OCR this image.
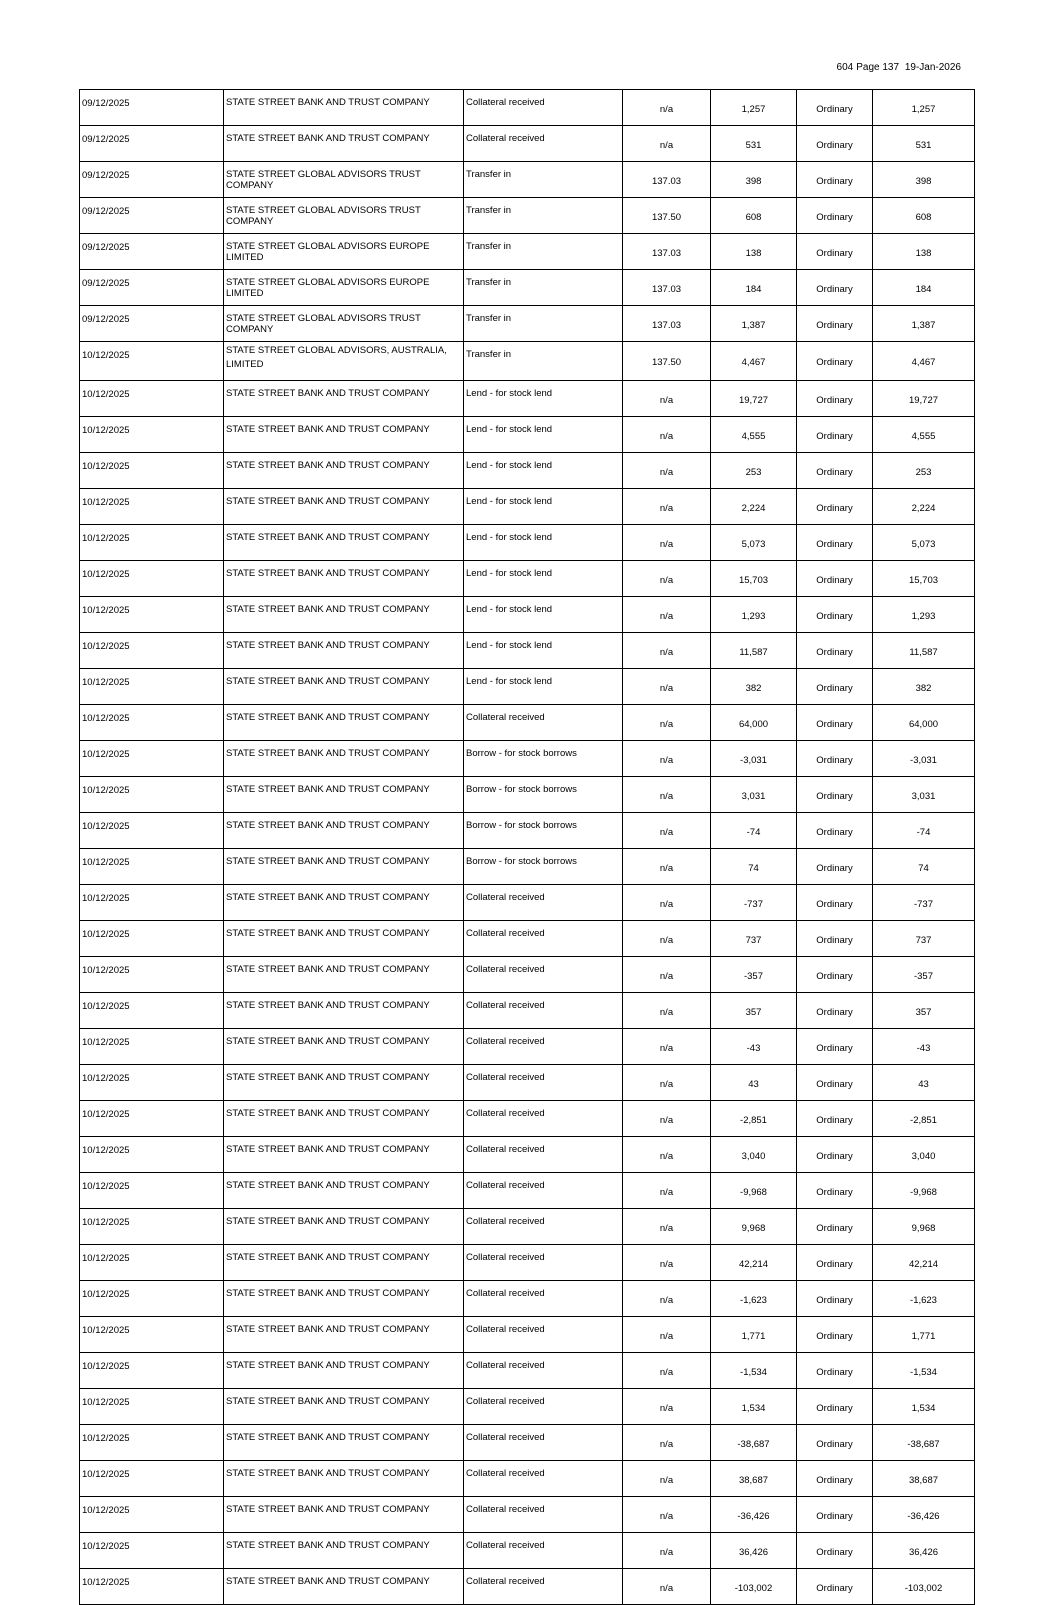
604 Page 137 19-Jan-2026
09/12/2025	STATE STREET BANK AND TRUST COMPANY	Collateral received	n/a	1,257	Ordinary	1,257
09/12/2025	STATE STREET BANK AND TRUST COMPANY	Collateral received	n/a	531	Ordinary	531
09/12/2025	STATE STREET GLOBAL ADVISORS TRUST COMPANY	Transfer in	137.03	398	Ordinary	398
09/12/2025	STATE STREET GLOBAL ADVISORS TRUST COMPANY	Transfer in	137.50	608	Ordinary	608
09/12/2025	STATE STREET GLOBAL ADVISORS EUROPE LIMITED	Transfer in	137.03	138	Ordinary	138
09/12/2025	STATE STREET GLOBAL ADVISORS EUROPE LIMITED	Transfer in	137.03	184	Ordinary	184
09/12/2025	STATE STREET GLOBAL ADVISORS TRUST COMPANY	Transfer in	137.03	1,387	Ordinary	1,387
10/12/2025	STATE STREET GLOBAL ADVISORS, AUSTRALIA, LIMITED	Transfer in	137.50	4,467	Ordinary	4,467
10/12/2025	STATE STREET BANK AND TRUST COMPANY	Lend - for stock lend	n/a	19,727	Ordinary	19,727
10/12/2025	STATE STREET BANK AND TRUST COMPANY	Lend - for stock lend	n/a	4,555	Ordinary	4,555
10/12/2025	STATE STREET BANK AND TRUST COMPANY	Lend - for stock lend	n/a	253	Ordinary	253
10/12/2025	STATE STREET BANK AND TRUST COMPANY	Lend - for stock lend	n/a	2,224	Ordinary	2,224
10/12/2025	STATE STREET BANK AND TRUST COMPANY	Lend - for stock lend	n/a	5,073	Ordinary	5,073
10/12/2025	STATE STREET BANK AND TRUST COMPANY	Lend - for stock lend	n/a	15,703	Ordinary	15,703
10/12/2025	STATE STREET BANK AND TRUST COMPANY	Lend - for stock lend	n/a	1,293	Ordinary	1,293
10/12/2025	STATE STREET BANK AND TRUST COMPANY	Lend - for stock lend	n/a	11,587	Ordinary	11,587
10/12/2025	STATE STREET BANK AND TRUST COMPANY	Lend - for stock lend	n/a	382	Ordinary	382
10/12/2025	STATE STREET BANK AND TRUST COMPANY	Collateral received	n/a	64,000	Ordinary	64,000
10/12/2025	STATE STREET BANK AND TRUST COMPANY	Borrow - for stock borrows	n/a	-3,031	Ordinary	-3,031
10/12/2025	STATE STREET BANK AND TRUST COMPANY	Borrow - for stock borrows	n/a	3,031	Ordinary	3,031
10/12/2025	STATE STREET BANK AND TRUST COMPANY	Borrow - for stock borrows	n/a	-74	Ordinary	-74
10/12/2025	STATE STREET BANK AND TRUST COMPANY	Borrow - for stock borrows	n/a	74	Ordinary	74
10/12/2025	STATE STREET BANK AND TRUST COMPANY	Collateral received	n/a	-737	Ordinary	-737
10/12/2025	STATE STREET BANK AND TRUST COMPANY	Collateral received	n/a	737	Ordinary	737
10/12/2025	STATE STREET BANK AND TRUST COMPANY	Collateral received	n/a	-357	Ordinary	-357
10/12/2025	STATE STREET BANK AND TRUST COMPANY	Collateral received	n/a	357	Ordinary	357
10/12/2025	STATE STREET BANK AND TRUST COMPANY	Collateral received	n/a	-43	Ordinary	-43
10/12/2025	STATE STREET BANK AND TRUST COMPANY	Collateral received	n/a	43	Ordinary	43
10/12/2025	STATE STREET BANK AND TRUST COMPANY	Collateral received	n/a	-2,851	Ordinary	-2,851
10/12/2025	STATE STREET BANK AND TRUST COMPANY	Collateral received	n/a	3,040	Ordinary	3,040
10/12/2025	STATE STREET BANK AND TRUST COMPANY	Collateral received	n/a	-9,968	Ordinary	-9,968
10/12/2025	STATE STREET BANK AND TRUST COMPANY	Collateral received	n/a	9,968	Ordinary	9,968
10/12/2025	STATE STREET BANK AND TRUST COMPANY	Collateral received	n/a	42,214	Ordinary	42,214
10/12/2025	STATE STREET BANK AND TRUST COMPANY	Collateral received	n/a	-1,623	Ordinary	-1,623
10/12/2025	STATE STREET BANK AND TRUST COMPANY	Collateral received	n/a	1,771	Ordinary	1,771
10/12/2025	STATE STREET BANK AND TRUST COMPANY	Collateral received	n/a	-1,534	Ordinary	-1,534
10/12/2025	STATE STREET BANK AND TRUST COMPANY	Collateral received	n/a	1,534	Ordinary	1,534
10/12/2025	STATE STREET BANK AND TRUST COMPANY	Collateral received	n/a	-38,687	Ordinary	-38,687
10/12/2025	STATE STREET BANK AND TRUST COMPANY	Collateral received	n/a	38,687	Ordinary	38,687
10/12/2025	STATE STREET BANK AND TRUST COMPANY	Collateral received	n/a	-36,426	Ordinary	-36,426
10/12/2025	STATE STREET BANK AND TRUST COMPANY	Collateral received	n/a	36,426	Ordinary	36,426
10/12/2025	STATE STREET BANK AND TRUST COMPANY	Collateral received	n/a	-103,002	Ordinary	-103,002
